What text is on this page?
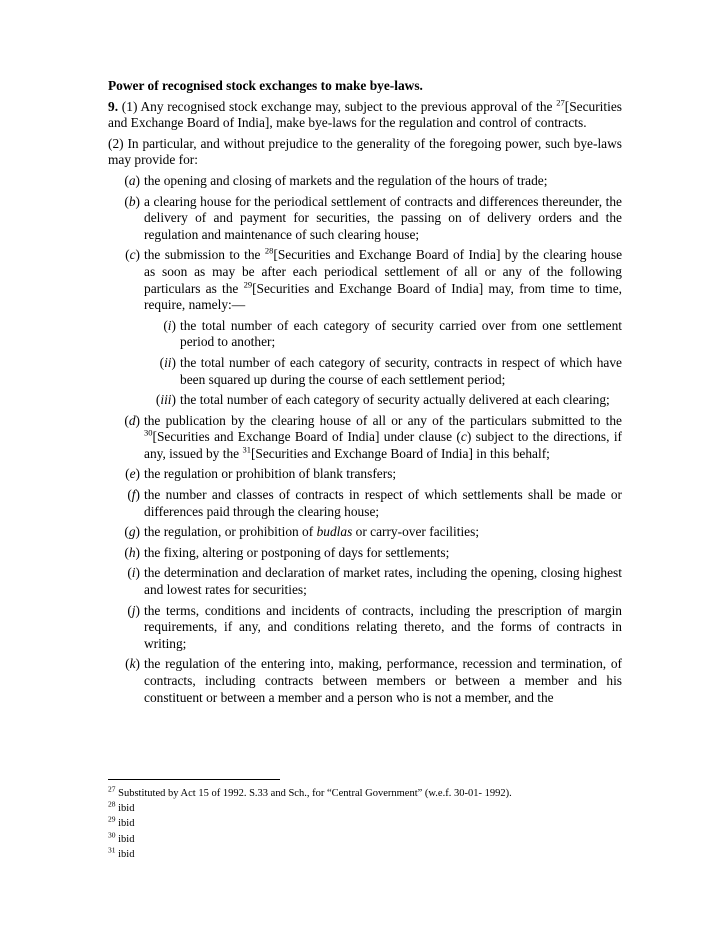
Power of recognised stock exchanges to make bye-laws.
9. (1) Any recognised stock exchange may, subject to the previous approval of the $^{27}$[Securities and Exchange Board of India], make bye-laws for the regulation and control of contracts.
(2) In particular, and without prejudice to the generality of the foregoing power, such bye-laws may provide for:
(a) the opening and closing of markets and the regulation of the hours of trade;
(b) a clearing house for the periodical settlement of contracts and differences thereunder, the delivery of and payment for securities, the passing on of delivery orders and the regulation and maintenance of such clearing house;
(c) the submission to the $^{28}$[Securities and Exchange Board of India] by the clearing house as soon as may be after each periodical settlement of all or any of the following particulars as the $^{29}$[Securities and Exchange Board of India] may, from time to time, require, namely:—
(i) the total number of each category of security carried over from one settlement period to another;
(ii) the total number of each category of security, contracts in respect of which have been squared up during the course of each settlement period;
(iii) the total number of each category of security actually delivered at each clearing;
(d) the publication by the clearing house of all or any of the particulars submitted to the $^{30}$[Securities and Exchange Board of India] under clause (c) subject to the directions, if any, issued by the $^{31}$[Securities and Exchange Board of India] in this behalf;
(e) the regulation or prohibition of blank transfers;
(f) the number and classes of contracts in respect of which settlements shall be made or differences paid through the clearing house;
(g) the regulation, or prohibition of budlas or carry-over facilities;
(h) the fixing, altering or postponing of days for settlements;
(i) the determination and declaration of market rates, including the opening, closing highest and lowest rates for securities;
(j) the terms, conditions and incidents of contracts, including the prescription of margin requirements, if any, and conditions relating thereto, and the forms of contracts in writing;
(k) the regulation of the entering into, making, performance, recession and termination, of contracts, including contracts between members or between a member and his constituent or between a member and a person who is not a member, and the
$^{27}$ Substituted by Act 15 of 1992. S.33 and Sch., for “Central Government” (w.e.f. 30-01- 1992).
$^{28}$ ibid
$^{29}$ ibid
$^{30}$ ibid
$^{31}$ ibid
